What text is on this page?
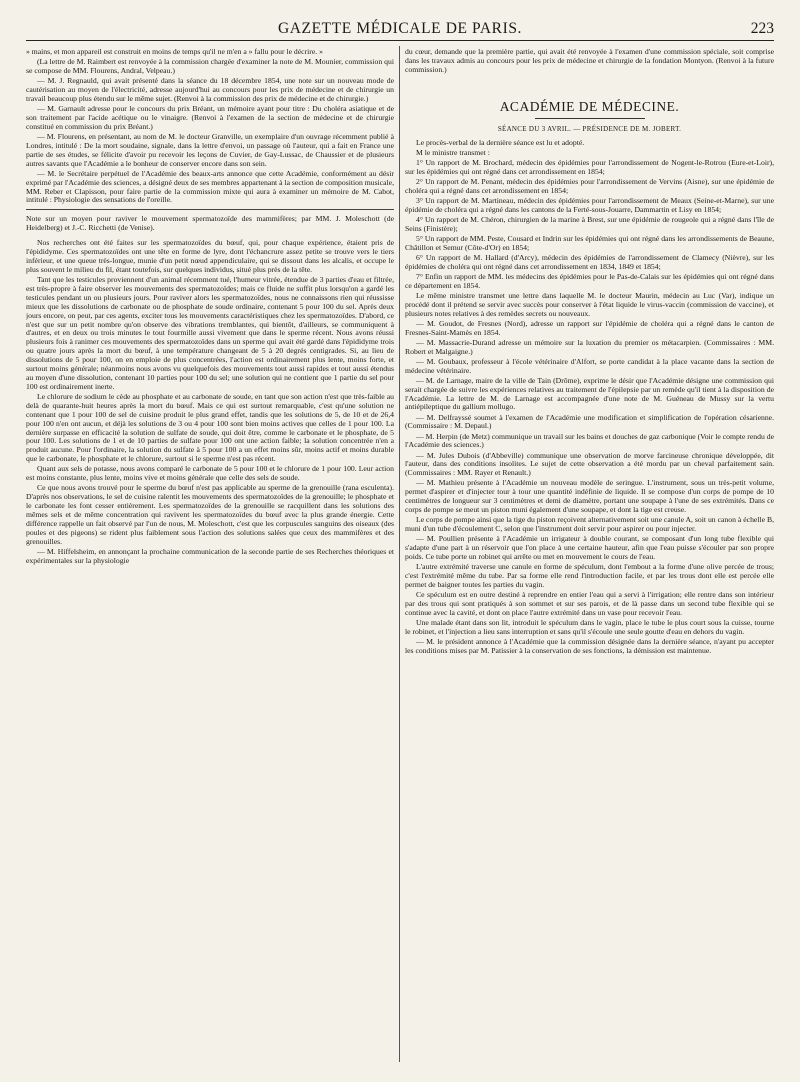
GAZETTE MÉDICALE DE PARIS.	223

» mains, et mon appareil est construit en moins de temps qu'il ne m'en a » fallu pour le décrire. »

(La lettre de M. Raimbert est renvoyée à la commission chargée d'examiner la note de M. Mounier, commission qui se compose de MM. Flourens, Andral, Velpeau.)

— M. J. Regnauld, qui avait présenté dans la séance du 18 décembre 1854, une note sur un nouveau mode de cautérisation au moyen de l'électricité, adresse aujourd'hui au concours pour les prix de médecine et de chirurgie un travail beaucoup plus étendu sur le même sujet. (Renvoi à la commission des prix de médecine et de chirurgie.)

— M. Garnault adresse pour le concours du prix Bréant, un mémoire ayant pour titre : Du choléra asiatique et de son traitement par l'acide acétique ou le vinaigre. (Renvoi à l'examen de la section de médecine et de chirurgie constitué en commission du prix Bréant.)

— M. Flourens, en présentant, au nom de M. le docteur Granville, un exemplaire d'un ouvrage récemment publié à Londres, intitulé : De la mort soudaine, signale, dans la lettre d'envoi, un passage où l'auteur, qui a fait en France une partie de ses études, se félicite d'avoir pu recevoir les leçons de Cuvier, de Gay-Lussac, de Chaussier et de plusieurs autres savants que l'Académie a le bonheur de conserver encore dans son sein.

— M. le Secrétaire perpétuel de l'Académie des beaux-arts annonce que cette Académie, conformément au désir exprimé par l'Académie des sciences, a désigné deux de ses membres appartenant à la section de composition musicale, MM. Reber et Clapisson, pour faire partie de la commission mixte qui aura à examiner un mémoire de M. Cabot, intitulé : Physiologie des sensations de l'oreille.

Note sur un moyen pour raviver le mouvement spermatozoïde des mammifères; par MM. J. Moleschott (de Heidelberg) et J.-C. Ricchetti (de Venise).

Nos recherches ont été faites sur les spermatozoïdes du bœuf, qui, pour chaque expérience, étaient pris de l'épididyme. Ces spermatozoïdes ont une tête en forme de lyre, dont l'échancrure assez petite se trouve vers le tiers inférieur, et une queue très-longue, munie d'un petit nœud appendiculaire, qui se dissout dans les alcalis, et occupe le plus souvent le milieu du fil, étant toutefois, sur quelques individus, situé plus près de la tête.

Tant que les testicules proviennent d'un animal récemment tué, l'humeur vitrée, étendue de 3 parties d'eau et filtrée, est très-propre à faire observer les mouvements des spermatozoïdes; mais ce fluide ne suffit plus lorsqu'on a gardé les testicules pendant un ou plusieurs jours. Pour raviver alors les spermatozoïdes, nous ne connaissons rien qui réussisse mieux que les dissolutions de carbonate ou de phosphate de soude ordinaire, contenant 5 pour 100 du sel. Après deux jours encore, on peut, par ces agents, exciter tous les mouvements caractéristiques chez les spermatozoïdes. D'abord, ce n'est que sur un petit nombre qu'on observe des vibrations tremblantes, qui bientôt, d'ailleurs, se communiquent à d'autres, et en deux ou trois minutes le tout fourmille aussi vivement que dans le sperme récent. Nous avons réussi plusieurs fois à ranimer ces mouvements des spermatozoïdes dans un sperme qui avait été gardé dans l'épididyme trois ou quatre jours après la mort du bœuf, à une température changeant de 5 à 20 degrés centigrades. Si, au lieu de dissolutions de 5 pour 100, on en emploie de plus concentrées, l'action est ordinairement plus lente, moins forte, et surtout moins générale; néanmoins nous avons vu quelquefois des mouvements tout aussi rapides et tout aussi étendus au moyen d'une dissolution, contenant 10 parties pour 100 du sel; une solution qui ne contient que 1 partie du sel pour 100 est ordinairement inerte.

Le chlorure de sodium le cède au phosphate et au carbonate de soude, en tant que son action n'est que très-faible au delà de quarante-huit heures après la mort du bœuf. Mais ce qui est surtout remarquable, c'est qu'une solution ne contenant que 1 pour 100 de sel de cuisine produit le plus grand effet, tandis que les solutions de 5, de 10 et de 26,4 pour 100 n'en ont aucun, et déjà les solutions de 3 ou 4 pour 100 sont bien moins actives que celles de 1 pour 100. La dernière surpasse en efficacité la solution de sulfate de soude, qui doit être, comme le carbonate et le phosphate, de 5 pour 100. Les solutions de 1 et de 10 parties de sulfate pour 100 ont une action faible; la solution concentrée n'en a produit aucune. Pour l'ordinaire, la solution du sulfate à 5 pour 100 a un effet moins sûr, moins actif et moins durable que le carbonate, le phosphate et le chlorure, surtout si le sperme n'est pas récent.

Quant aux sels de potasse, nous avons comparé le carbonate de 5 pour 100 et le chlorure de 1 pour 100. Leur action est moins constante, plus lente, moins vive et moins générale que celle des sels de soude.

Ce que nous avons trouvé pour le sperme du bœuf n'est pas applicable au sperme de la grenouille (rana esculenta). D'après nos observations, le sel de cuisine ralentit les mouvements des spermatozoïdes de la grenouille; le phosphate et le carbonate les font cesser entièrement. Les spermatozoïdes de la grenouille se racquillent dans les solutions des mêmes sels et de même concentration qui ravivent les spermatozoïdes du bœuf avec la plus grande énergie. Cette différence rappelle un fait observé par l'un de nous, M. Moleschott, c'est que les corpuscules sanguins des oiseaux (des poules et des pigeons) se rident plus faiblement sous l'action des solutions salées que ceux des mammifères et des grenouilles.

— M. Hiffelsheim, en annonçant la prochaine communication de la seconde partie de ses Recherches théoriques et expérimentales sur la physiologie

du cœur, demande que la première partie, qui avait été renvoyée à l'examen d'une commission spéciale, soit comprise dans les travaux admis au concours pour les prix de médecine et chirurgie de la fondation Montyon. (Renvoi à la future commission.)

ACADÉMIE DE MÉDECINE.
SÉANCE DU 3 AVRIL. — PRÉSIDENCE DE M. JOBERT.

Le procès-verbal de la dernière séance est lu et adopté.

M le ministre transmet :

1° Un rapport de M. Brochard, médecin des épidémies pour l'arrondissement de Nogent-le-Rotrou (Eure-et-Loir), sur les épidémies qui ont régné dans cet arrondissement en 1854;

2° Un rapport de M. Penant, médecin des épidémies pour l'arrondissement de Vervins (Aisne), sur une épidémie de choléra qui a régné dans cet arrondissement en 1854;

3° Un rapport de M. Martineau, médecin des épidémies pour l'arrondissement de Meaux (Seine-et-Marne), sur une épidémie de choléra qui a régné dans les cantons de la Ferté-sous-Jouarre, Dammartin et Lisy en 1854;

4° Un rapport de M. Chéron, chirurgien de la marine à Brest, sur une épidémie de rougeole qui a régné dans l'île de Seins (Finistère);

5° Un rapport de MM. Peste, Cousard et Indrin sur les épidémies qui ont régné dans les arrondissements de Beaune, Châtillon et Semur (Côte-d'Or) en 1854;

6° Un rapport de M. Hallard (d'Arcy), médecin des épidémies de l'arrondissement de Clamecy (Nièvre), sur les épidémies de choléra qui ont régné dans cet arrondissement en 1834, 1849 et 1854;

7° Enfin un rapport de MM. les médecins des épidémies pour le Pas-de-Calais sur les épidémies qui ont régné dans ce département en 1854.

Le même ministre transmet une lettre dans laquelle M. le docteur Maurin, médecin au Luc (Var), indique un procédé dont il prétend se servir avec succès pour conserver à l'état liquide le virus-vaccin (commission de vaccine), et plusieurs notes relatives à des remèdes secrets ou nouveaux.

— M. Goudot, de Fresnes (Nord), adresse un rapport sur l'épidémie de choléra qui a régné dans le canton de Fresnes-Saint-Mamès en 1854.

— M. Massacrie-Durand adresse un mémoire sur la luxation du premier os métacarpien. (Commissaires : MM. Robert et Malgaigne.)

— M. Goubaux, professeur à l'école vétérinaire d'Alfort, se porte candidat à la place vacante dans la section de médecine vétérinaire.

— M. de Larnage, maire de la ville de Tain (Drôme), exprime le désir que l'Académie désigne une commission qui serait chargée de suivre les expériences relatives au traitement de l'épilepsie par un remède qu'il tient à la disposition de l'Académie. La lettre de M. de Larnage est accompagnée d'une note de M. Guéneau de Mussy sur la vertu antiépileptique du gallium mollugo.

— M. Delfrayssé soumet à l'examen de l'Académie une modification et simplification de l'opération césarienne. (Commissaire : M. Depaul.)

— M. Herpin (de Metz) communique un travail sur les bains et douches de gaz carbonique (Voir le compte rendu de l'Académie des sciences.)

— M. Jules Dubois (d'Abbeville) communique une observation de morve farcineuse chronique développée, dit l'auteur, dans des conditions insolites. Le sujet de cette observation a été mordu par un cheval parfaitement sain. (Commissaires : MM. Rayer et Renault.)

— M. Mathieu présente à l'Académie un nouveau modèle de seringue. L'instrument, sous un très-petit volume, permet d'aspirer et d'injecter tour à tour une quantité indéfinie de liquide. Il se compose d'un corps de pompe de 10 centimètres de longueur sur 3 centimètres et demi de diamètre, portant une soupape à l'une de ses extrémités. Dans ce corps de pompe se meut un piston muni également d'une soupape, et dont la tige est creuse.

Le corps de pompe ainsi que la tige du piston reçoivent alternativement soit une canule A, soit un canon à échelle B, muni d'un tube d'écoulement C, selon que l'instrument doit servir pour aspirer ou pour injecter.

— M. Poullien présente à l'Académie un irrigateur à double courant, se composant d'un long tube flexible qui s'adapte d'une part à un réservoir que l'on place à une certaine hauteur, afin que l'eau puisse s'écouler par son propre poids. Ce tube porte un robinet qui arrête ou met en mouvement le cours de l'eau.

L'autre extrémité traverse une canule en forme de spéculum, dont l'embout a la forme d'une olive percée de trous; c'est l'extrémité même du tube. Par sa forme elle rend l'introduction facile, et par les trous dont elle est percée elle permet de baigner toutes les parties du vagin.

Ce spéculum est en outre destiné à reprendre en entier l'eau qui a servi à l'irrigation; elle rentre dans son intérieur par des trous qui sont pratiqués à son sommet et sur ses parois, et de là passe dans un second tube flexible qui se continue avec la cavité, et dont on place l'autre extrémité dans un vase pour recevoir l'eau.

Une malade étant dans son lit, introduit le spéculum dans le vagin, place le tube le plus court sous la cuisse, tourne le robinet, et l'injection a lieu sans interruption et sans qu'il s'écoule une seule goutte d'eau en dehors du vagin.

— M. le président annonce à l'Académie que la commission désignée dans la dernière séance, n'ayant pu accepter les conditions mises par M. Patissier à la conservation de ses fonctions, la démission est maintenue.
